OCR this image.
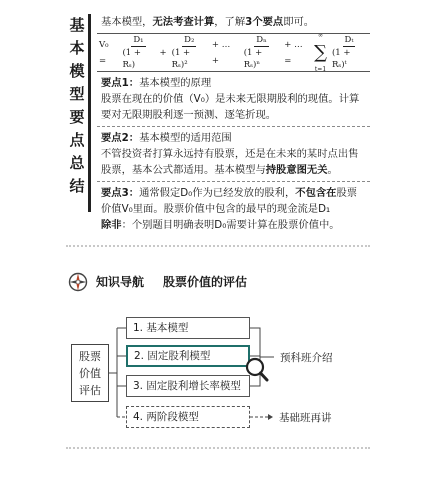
基
本
模
型
要
点
总
结
基本模型，无法考查计算，了解3个要点即可。
V₀ =	$\frac{\text{D₁}}{\text{(1 + Rₛ)}} + \frac{\text{D₂}}{\text{(1 + Rₛ)²}}$ + … +	$\frac{\text{Dₙ}}{\text{(1 + Rₛ)ⁿ}}$ + … =
∞
∑
$t=1 \frac{\text{Dₜ}}{\text{(1 + Rₛ)ᵗ}}$
要点1：基本模型的原理
股票在现在的价值（V₀）是未来无限期股利的现值。计算要对无限期股利逐一预测、逐笔折现。
要点2：基本模型的适用范围
不管投资者打算永远持有股票，还是在未来的某时点出售股票，基本公式都适用。基本模型与持股意图无关。
要点3：通常假定D₀作为已经发放的股利，不包含在股票价值V₀里面。股票价值中包含的最早的现金流是D₁
除非：个别题目明确表明D₀需要计算在股票价值中。
知识导航 股票价值的评估
股票价值评估
1. 基本模型
2. 固定股利模型
3. 固定股利增长率模型
4. 两阶段模型
预科班介绍
基础班再讲
